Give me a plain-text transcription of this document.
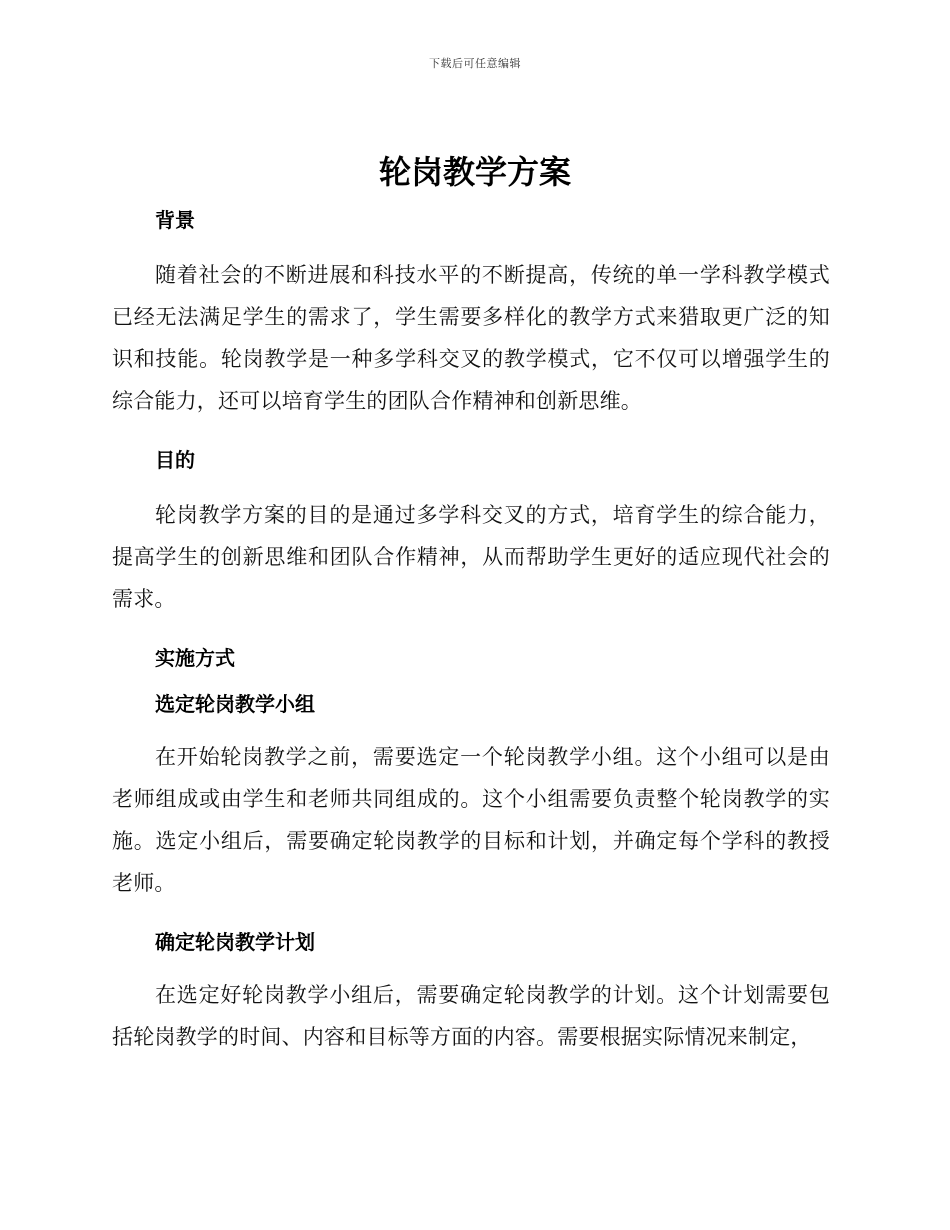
下载后可任意编辑
轮岗教学方案
背景

随着社会的不断进展和科技水平的不断提高，传统的单一学科教学模式已经无法满足学生的需求了，学生需要多样化的教学方式来猎取更广泛的知识和技能。轮岗教学是一种多学科交叉的教学模式，它不仅可以增强学生的综合能力，还可以培育学生的团队合作精神和创新思维。

目的

轮岗教学方案的目的是通过多学科交叉的方式，培育学生的综合能力，提高学生的创新思维和团队合作精神，从而帮助学生更好的适应现代社会的需求。

实施方式
选定轮岗教学小组

在开始轮岗教学之前，需要选定一个轮岗教学小组。这个小组可以是由老师组成或由学生和老师共同组成的。这个小组需要负责整个轮岗教学的实施。选定小组后，需要确定轮岗教学的目标和计划，并确定每个学科的教授老师。

确定轮岗教学计划

在选定好轮岗教学小组后，需要确定轮岗教学的计划。这个计划需要包括轮岗教学的时间、内容和目标等方面的内容。需要根据实际情况来制定，
